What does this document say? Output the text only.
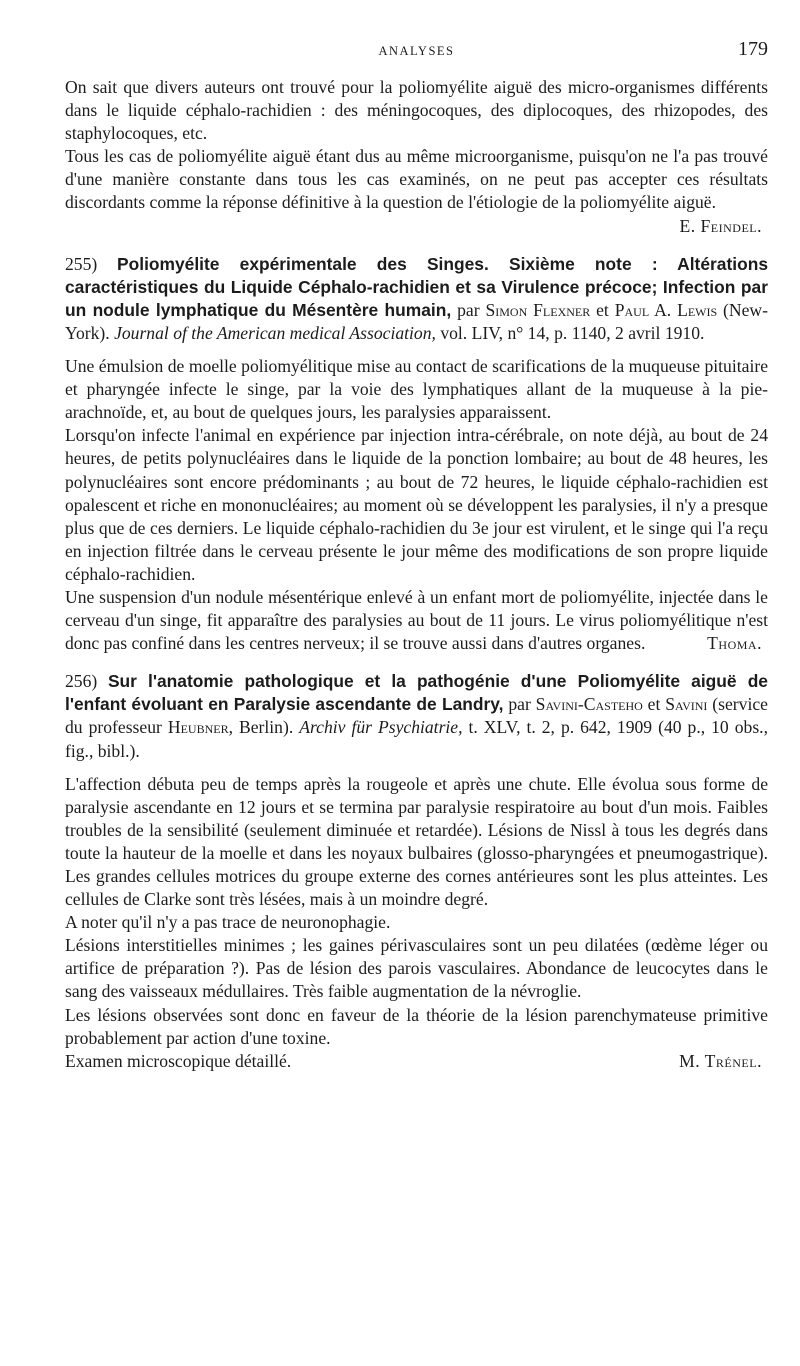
ANALYSES	179

On sait que divers auteurs ont trouvé pour la poliomyélite aiguë des micro-organismes différents dans le liquide céphalo-rachidien : des méningocoques, des diplocoques, des rhizopodes, des staphylocoques, etc.

Tous les cas de poliomyélite aiguë étant dus au même microorganisme, puisqu'on ne l'a pas trouvé d'une manière constante dans tous les cas examinés, on ne peut pas accepter ces résultats discordants comme la réponse définitive à la question de l'étiologie de la poliomyélite aiguë.
E. Feindel.

255) Poliomyélite expérimentale des Singes. Sixième note : Altérations caractéristiques du Liquide Céphalo-rachidien et sa Virulence précoce; Infection par un nodule lymphatique du Mésentère humain, par Simon Flexner et Paul A. Lewis (New-York). Journal of the American medical Association, vol. LIV, n° 14, p. 1140, 2 avril 1910.

Une émulsion de moelle poliomyélitique mise au contact de scarifications de la muqueuse pituitaire et pharyngée infecte le singe, par la voie des lymphatiques allant de la muqueuse à la pie-arachnoïde, et, au bout de quelques jours, les paralysies apparaissent.

Lorsqu'on infecte l'animal en expérience par injection intra-cérébrale, on note déjà, au bout de 24 heures, de petits polynucléaires dans le liquide de la ponction lombaire; au bout de 48 heures, les polynucléaires sont encore prédominants ; au bout de 72 heures, le liquide céphalo-rachidien est opalescent et riche en mononucléaires; au moment où se développent les paralysies, il n'y a presque plus que de ces derniers. Le liquide céphalo-rachidien du 3e jour est virulent, et le singe qui l'a reçu en injection filtrée dans le cerveau présente le jour même des modifications de son propre liquide céphalo-rachidien.

Une suspension d'un nodule mésentérique enlevé à un enfant mort de poliomyélite, injectée dans le cerveau d'un singe, fit apparaître des paralysies au bout de 11 jours. Le virus poliomyélitique n'est donc pas confiné dans les centres nerveux; il se trouve aussi dans d'autres organes.	Thoma.

256) Sur l'anatomie pathologique et la pathogénie d'une Poliomyélite aiguë de l'enfant évoluant en Paralysie ascendante de Landry, par Savini-Castено et Savini (service du professeur Heubner, Berlin). Archiv für Psychiatrie, t. XLV, t. 2, p. 642, 1909 (40 p., 10 obs., fig., bibl.).

L'affection débuta peu de temps après la rougeole et après une chute. Elle évolua sous forme de paralysie ascendante en 12 jours et se termina par paralysie respiratoire au bout d'un mois. Faibles troubles de la sensibilité (seulement diminuée et retardée). Lésions de Nissl à tous les degrés dans toute la hauteur de la moelle et dans les noyaux bulbaires (glosso-pharyngées et pneumogastrique). Les grandes cellules motrices du groupe externe des cornes antérieures sont les plus atteintes. Les cellules de Clarke sont très lésées, mais à un moindre degré.

A noter qu'il n'y a pas trace de neuronophagie.

Lésions interstitielles minimes ; les gaines périvasculaires sont un peu dilatées (œdème léger ou artifice de préparation ?). Pas de lésion des parois vasculaires. Abondance de leucocytes dans le sang des vaisseaux médullaires. Très faible augmentation de la névroglie.

Les lésions observées sont donc en faveur de la théorie de la lésion parenchymateuse primitive probablement par action d'une toxine.

Examen microscopique détaillé.	M. Trénel.
